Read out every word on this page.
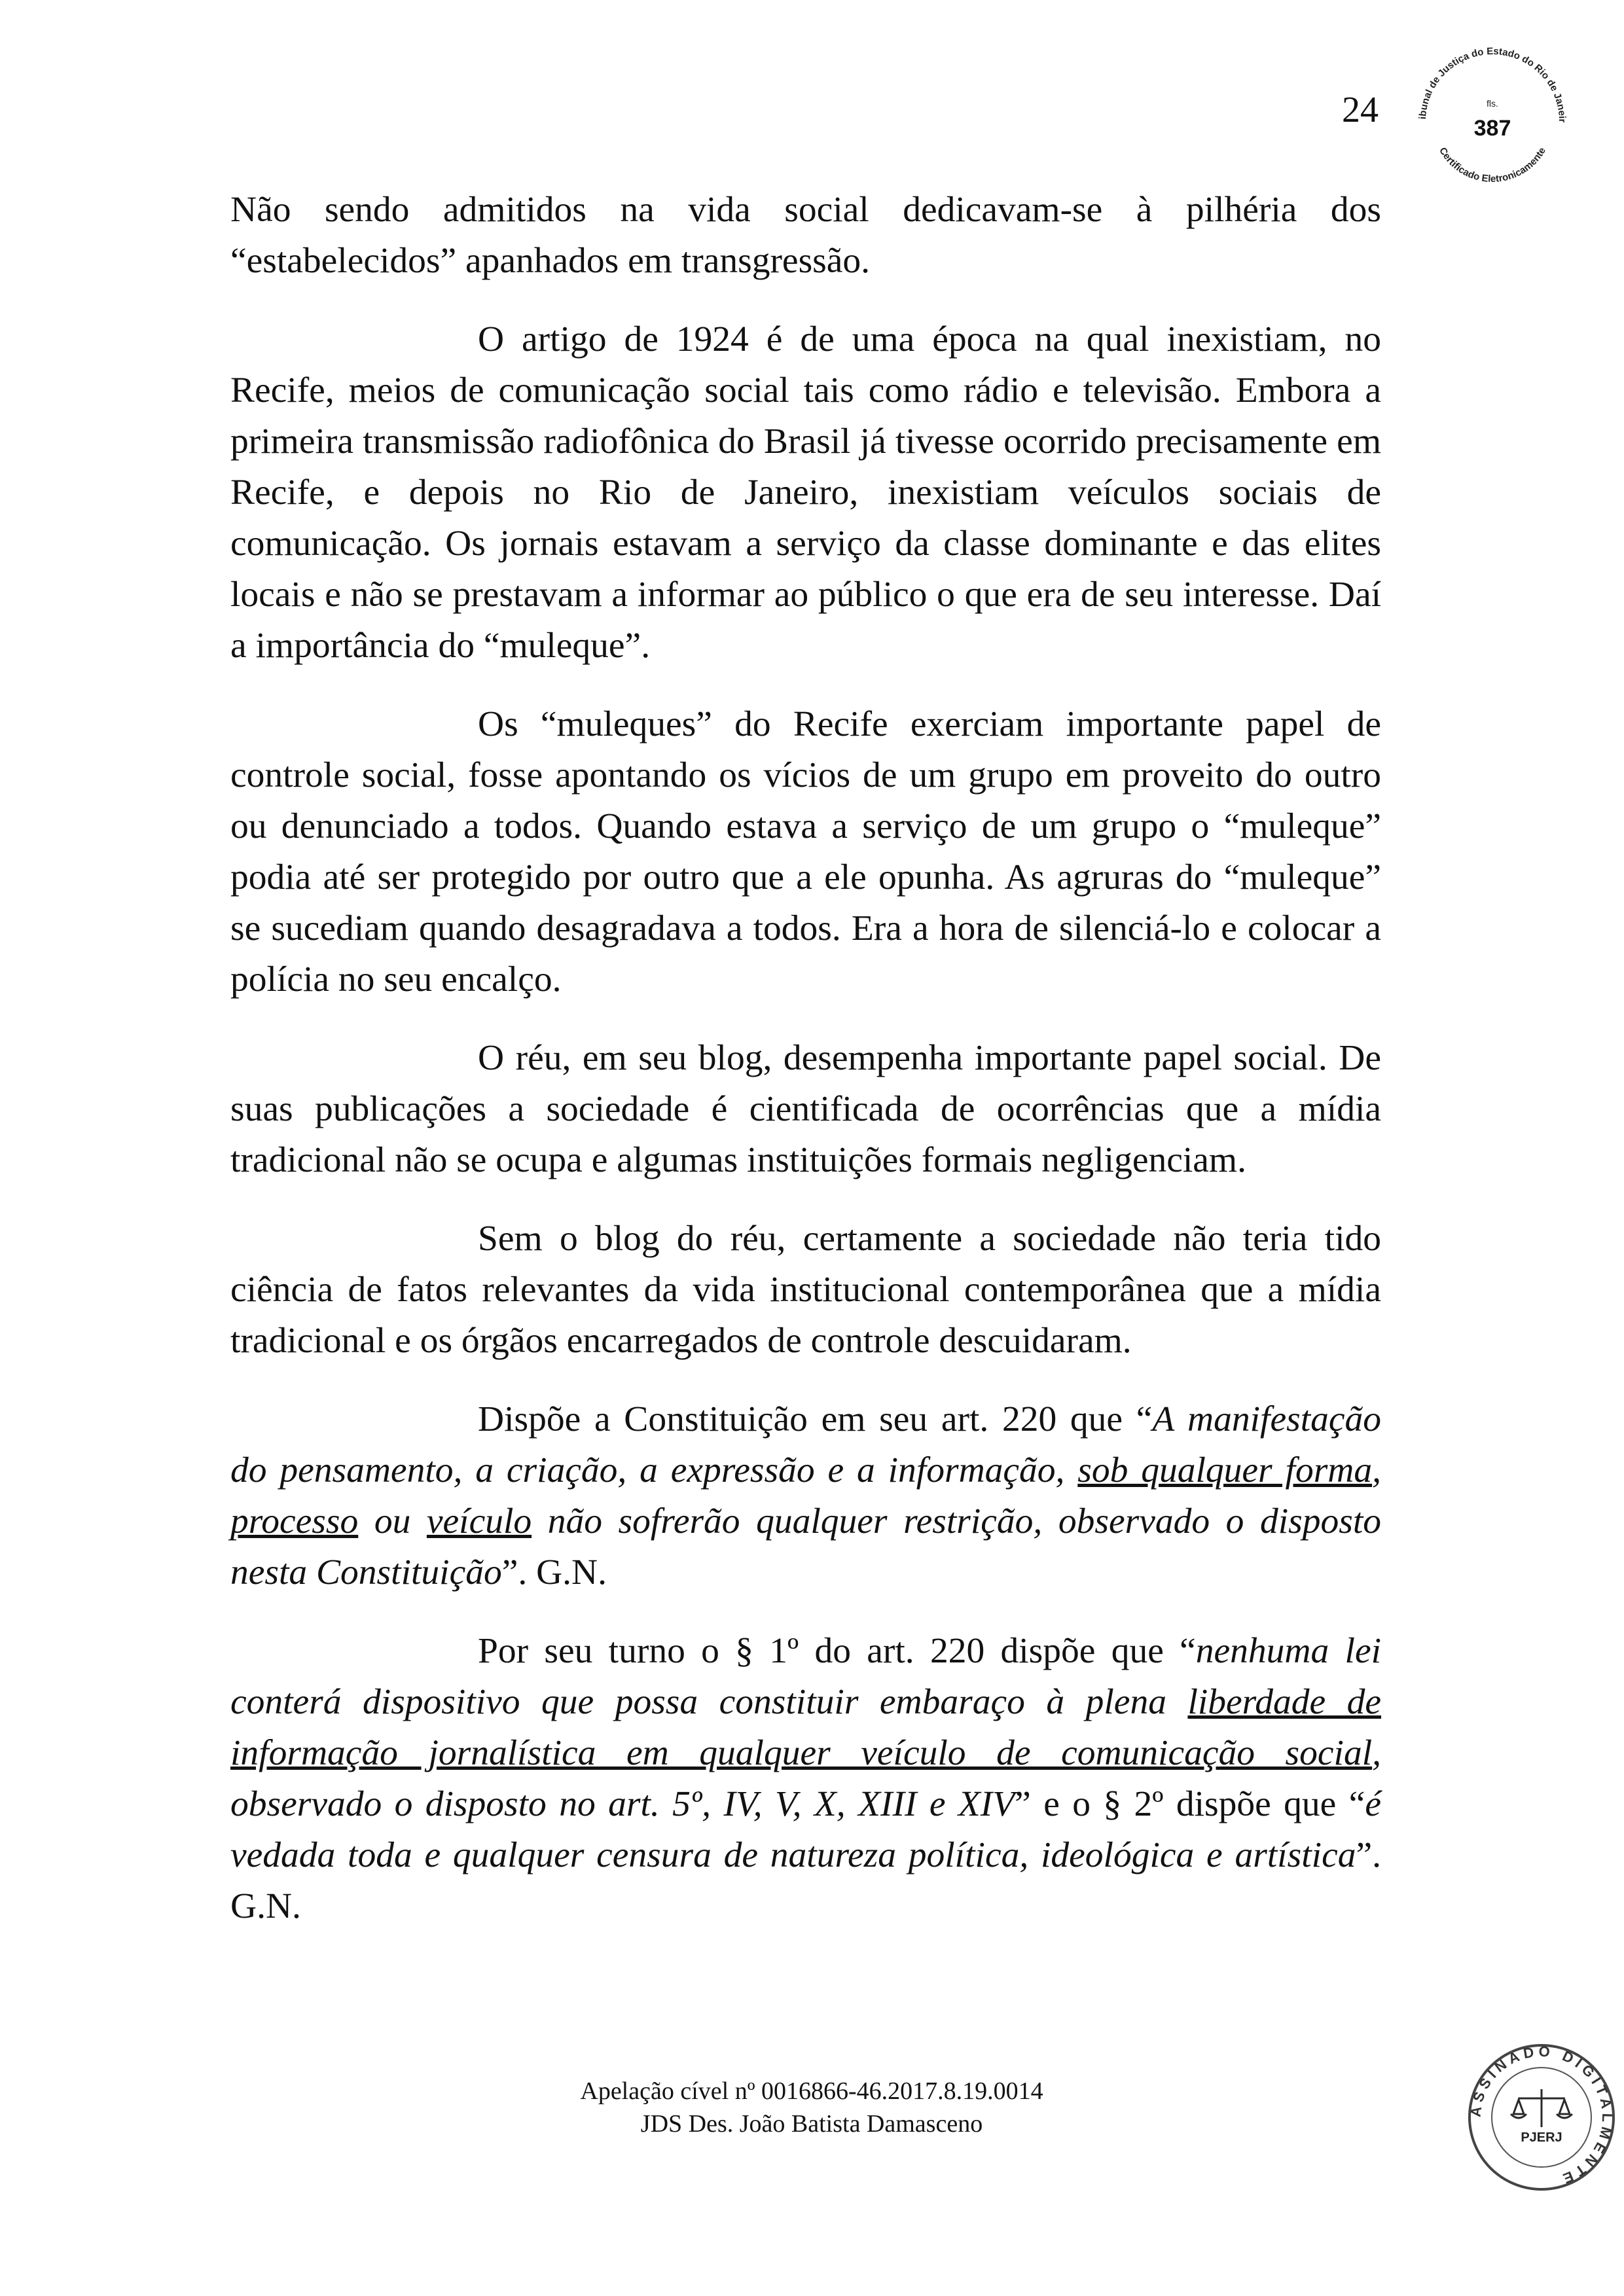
24	ibunal de Justiça do Estado do Rio de Janeir
Certificado Eletronicamente
fls.
387

Não sendo admitidos na vida social dedicavam-se à pilhéria dos “estabelecidos” apanhados em transgressão.

O artigo de 1924 é de uma época na qual inexistiam, no Recife, meios de comunicação social tais como rádio e televisão. Embora a primeira transmissão radiofônica do Brasil já tivesse ocorrido precisamente em Recife, e depois no Rio de Janeiro, inexistiam veículos sociais de comunicação. Os jornais estavam a serviço da classe dominante e das elites locais e não se prestavam a informar ao público o que era de seu interesse. Daí a importância do “muleque”.

Os “muleques” do Recife exerciam importante papel de controle social, fosse apontando os vícios de um grupo em proveito do outro ou denunciado a todos. Quando estava a serviço de um grupo o “muleque” podia até ser protegido por outro que a ele opunha. As agruras do “muleque” se sucediam quando desagradava a todos. Era a hora de silenciá-lo e colocar a polícia no seu encalço.

O réu, em seu blog, desempenha importante papel social. De suas publicações a sociedade é cientificada de ocorrências que a mídia tradicional não se ocupa e algumas instituições formais negligenciam.

Sem o blog do réu, certamente a sociedade não teria tido ciência de fatos relevantes da vida institucional contemporânea que a mídia tradicional e os órgãos encarregados de controle descuidaram.

Dispõe a Constituição em seu art. 220 que “A manifestação do pensamento, a criação, a expressão e a informação, sob qualquer forma, processo ou veículo não sofrerão qualquer restrição, observado o disposto nesta Constituição”. G.N.

Por seu turno o § 1º do art. 220 dispõe que “nenhuma lei conterá dispositivo que possa constituir embaraço à plena liberdade de informação jornalística em qualquer veículo de comunicação social, observado o disposto no art. 5º, IV, V, X, XIII e XIV” e o § 2º dispõe que “é vedada toda e qualquer censura de natureza política, ideológica e artística”. G.N.

Apelação cível nº 0016866-46.2017.8.19.0014
JDS Des. João Batista Damasceno
ASSINADO DIGITALMENTE
PJERJ
